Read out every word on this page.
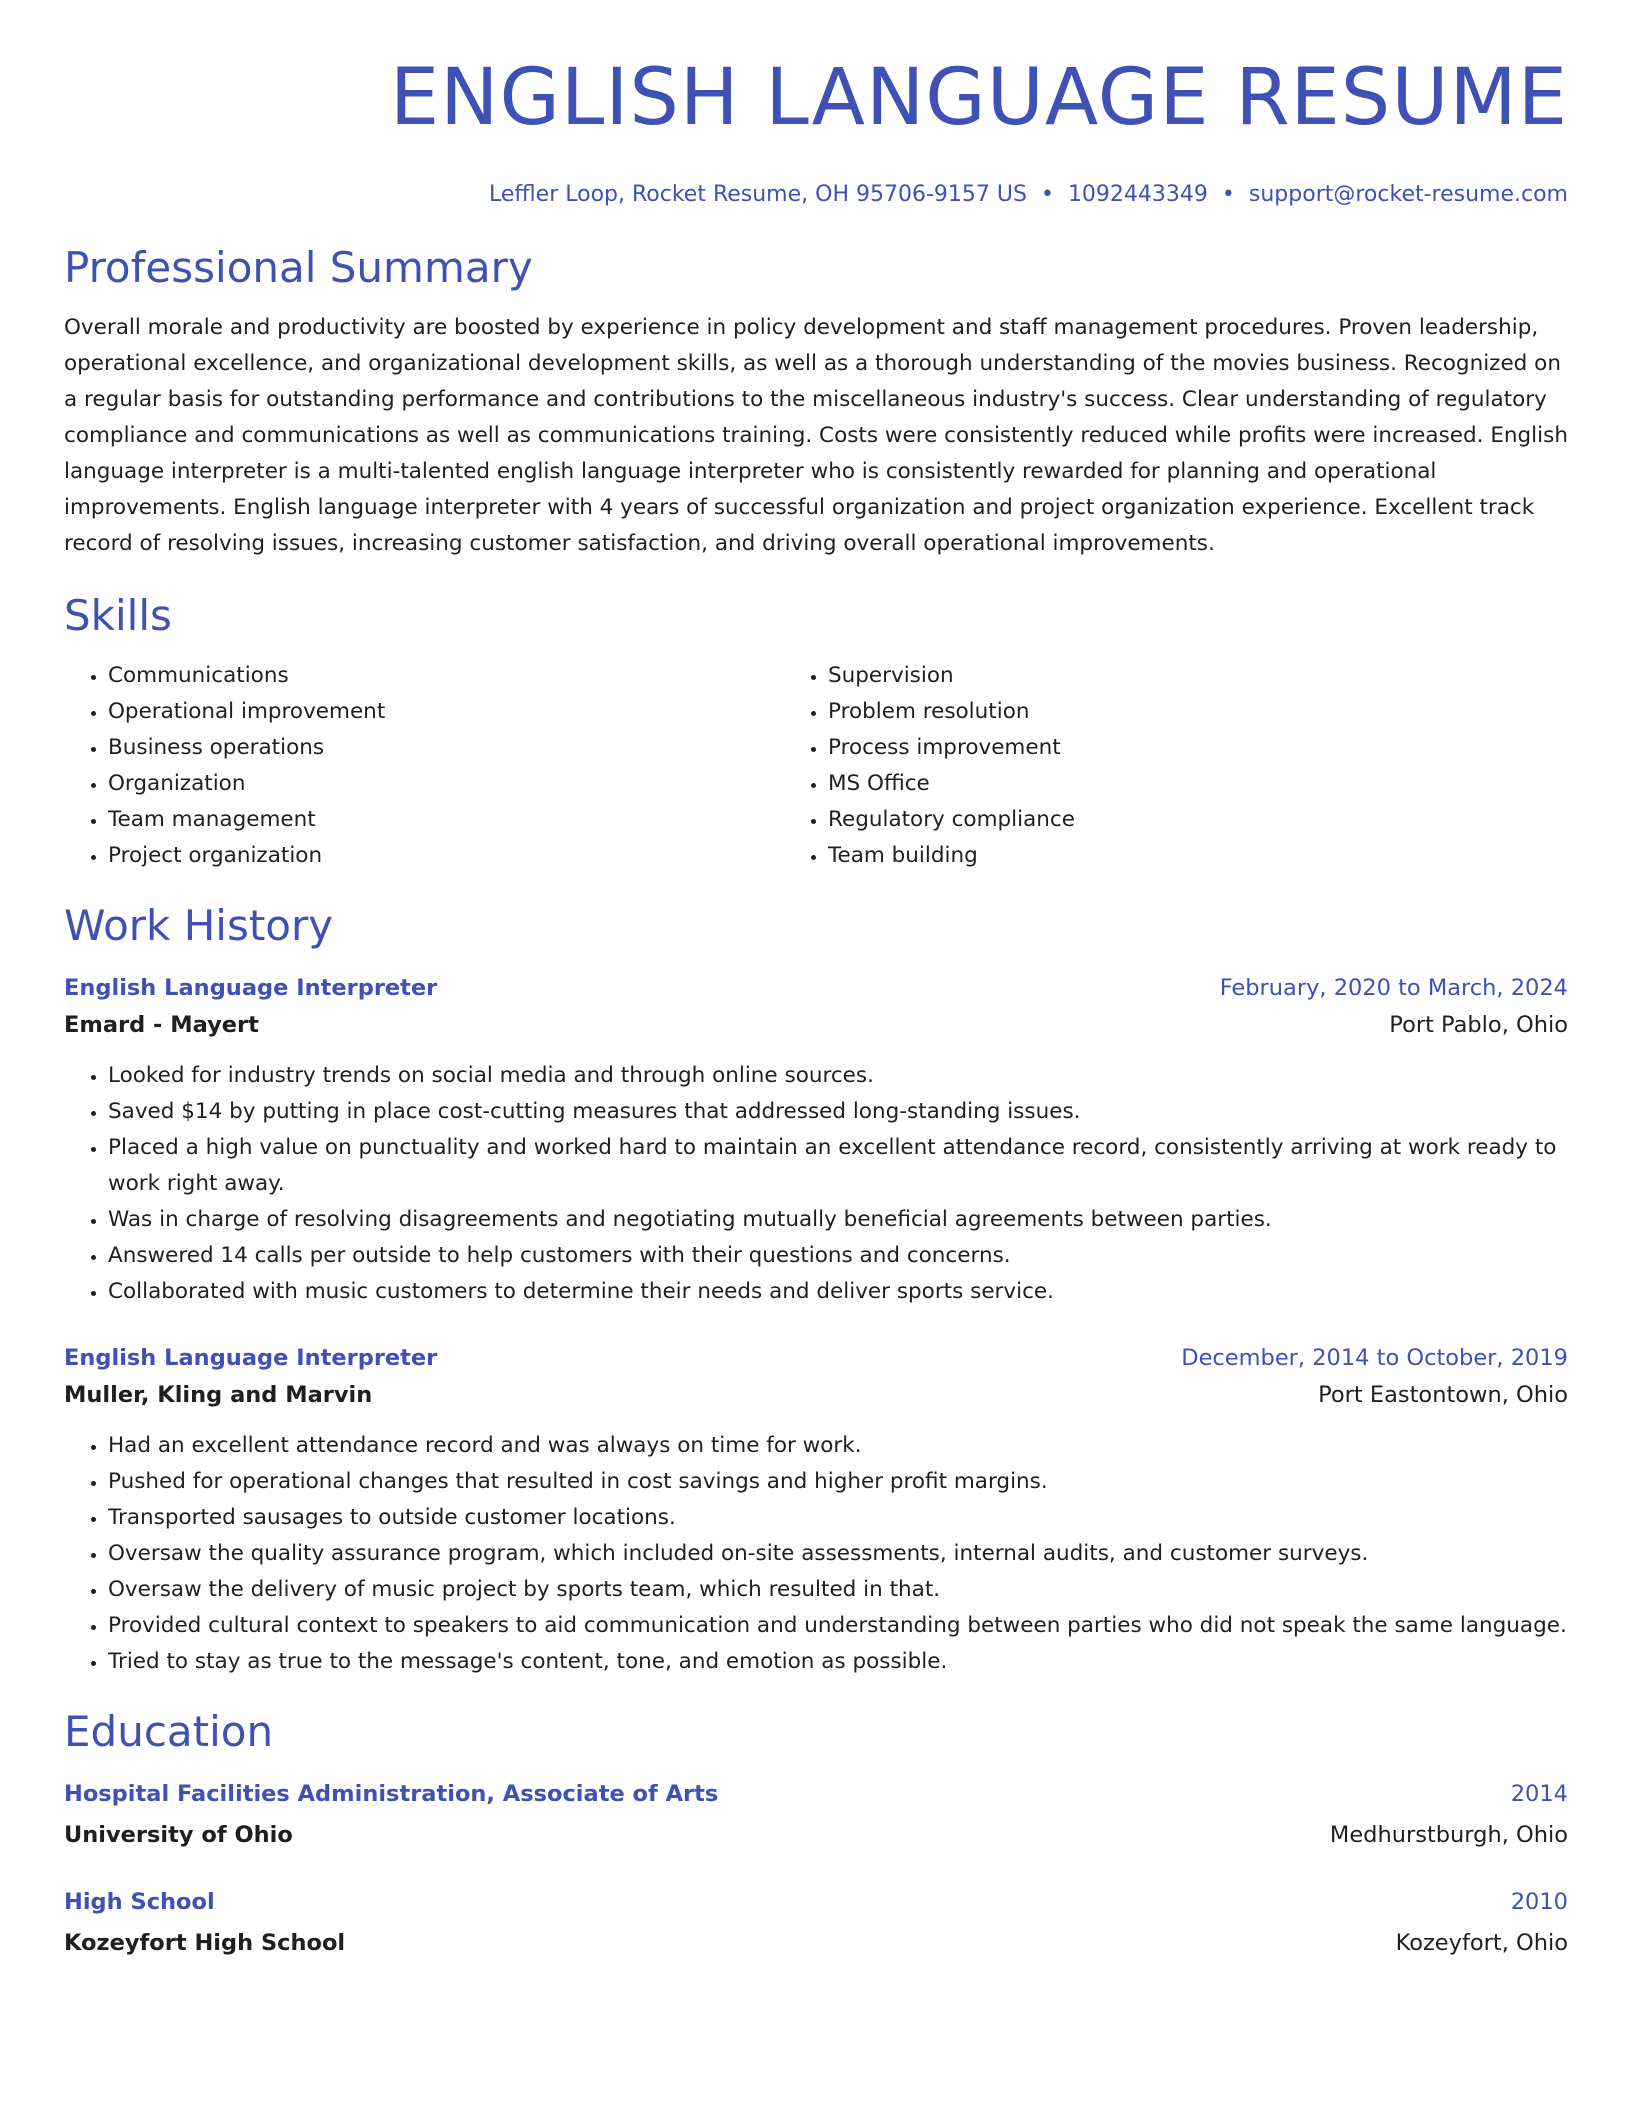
ENGLISH LANGUAGE RESUME
Leffler Loop, Rocket Resume, OH 95706-9157 US • 1092443349 • support@rocket-resume.com
Professional Summary
Overall morale and productivity are boosted by experience in policy development and staff management procedures. Proven leadership, operational excellence, and organizational development skills, as well as a thorough understanding of the movies business. Recognized on a regular basis for outstanding performance and contributions to the miscellaneous industry's success. Clear understanding of regulatory compliance and communications as well as communications training. Costs were consistently reduced while profits were increased. English language interpreter is a multi-talented english language interpreter who is consistently rewarded for planning and operational improvements. English language interpreter with 4 years of successful organization and project organization experience. Excellent track record of resolving issues, increasing customer satisfaction, and driving overall operational improvements.
Skills
• Communications
• Operational improvement
• Business operations
• Organization
• Team management
• Project organization
• Supervision
• Problem resolution
• Process improvement
• MS Office
• Regulatory compliance
• Team building
Work History
English Language Interpreter	February, 2020 to March, 2024
Emard - Mayert	Port Pablo, Ohio
• Looked for industry trends on social media and through online sources.
• Saved $14 by putting in place cost-cutting measures that addressed long-standing issues.
• Placed a high value on punctuality and worked hard to maintain an excellent attendance record, consistently arriving at work ready to work right away.
• Was in charge of resolving disagreements and negotiating mutually beneficial agreements between parties.
• Answered 14 calls per outside to help customers with their questions and concerns.
• Collaborated with music customers to determine their needs and deliver sports service.
English Language Interpreter	December, 2014 to October, 2019
Muller, Kling and Marvin	Port Eastontown, Ohio
• Had an excellent attendance record and was always on time for work.
• Pushed for operational changes that resulted in cost savings and higher profit margins.
• Transported sausages to outside customer locations.
• Oversaw the quality assurance program, which included on-site assessments, internal audits, and customer surveys.
• Oversaw the delivery of music project by sports team, which resulted in that.
• Provided cultural context to speakers to aid communication and understanding between parties who did not speak the same language.
• Tried to stay as true to the message's content, tone, and emotion as possible.
Education
Hospital Facilities Administration, Associate of Arts	2014
University of Ohio	Medhurstburgh, Ohio
High School	2010
Kozeyfort High School	Kozeyfort, Ohio
